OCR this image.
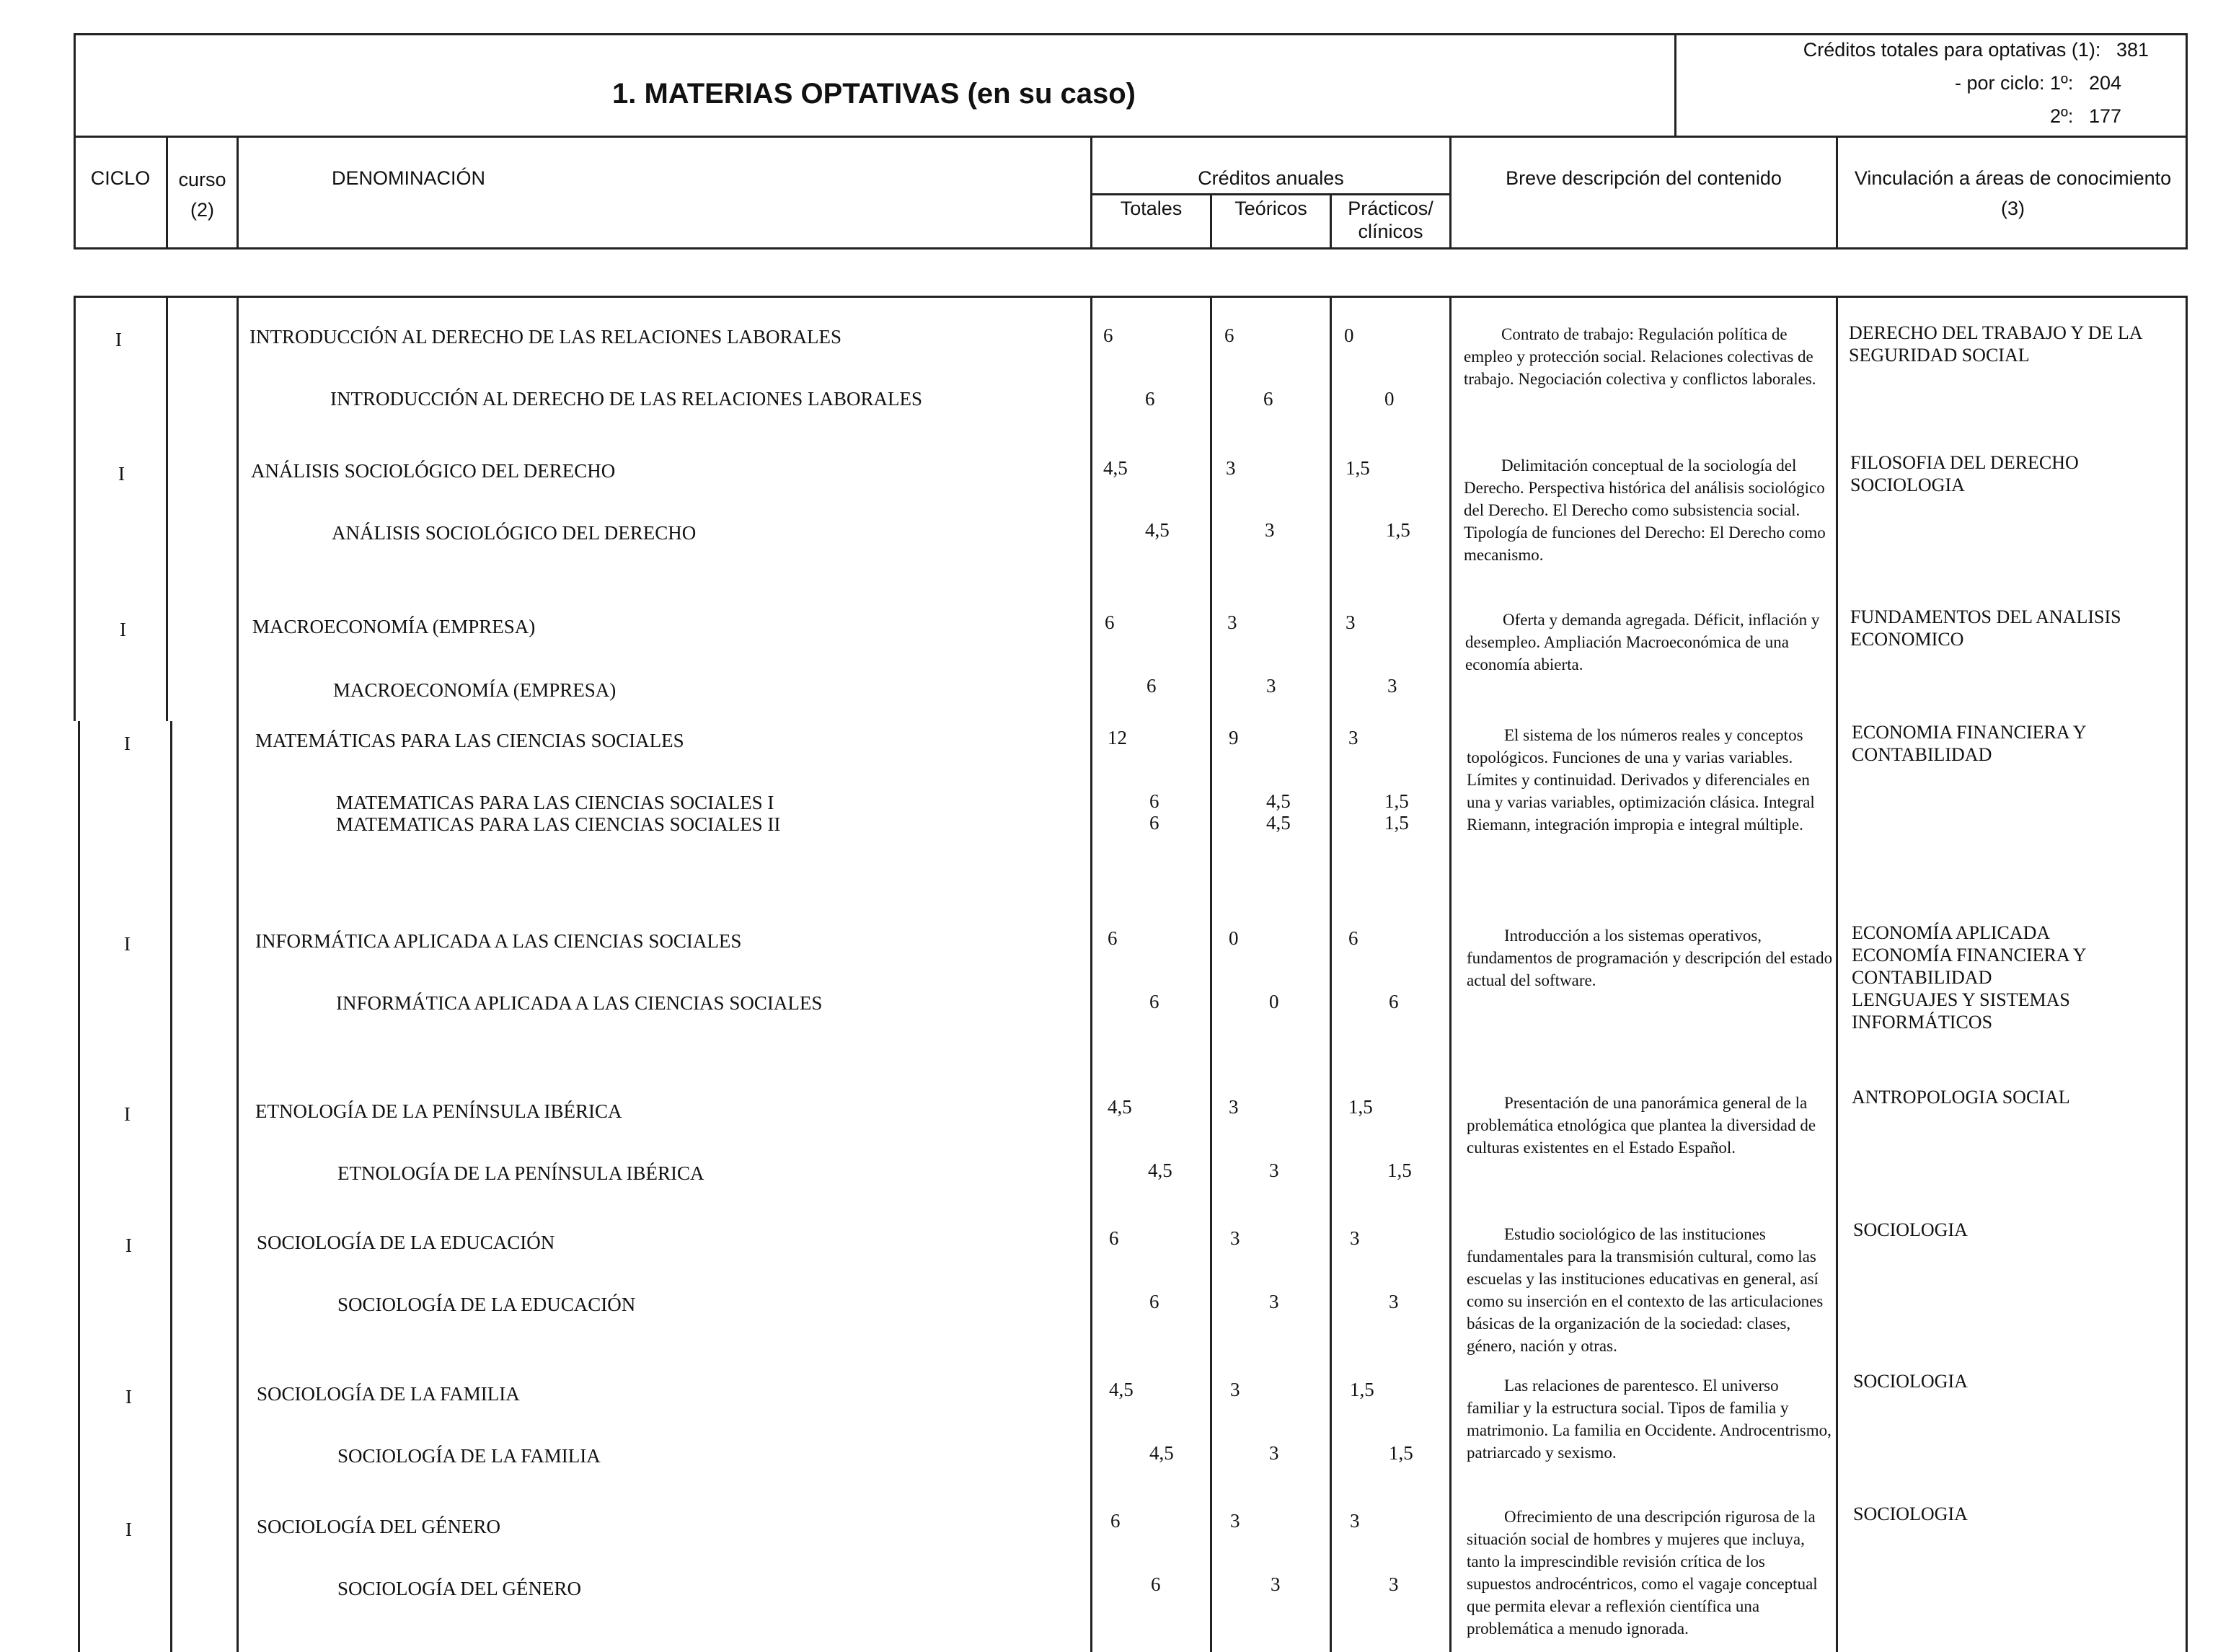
1. MATERIAS OPTATIVAS (en su caso)
Créditos totales para optativas (1): 381
- por ciclo: 1º: 204
2º: 177
CICLO	curso
(2)
DENOMINACIÓN	Créditos anuales
Totales	Teóricos	Prácticos/
clínicos
Breve descripción del contenido	Vinculación a áreas de conocimiento
(3)
I	INTRODUCCIÓN AL DERECHO DE LAS RELACIONES LABORALES	6	6	0
INTRODUCCIÓN AL DERECHO DE LAS RELACIONES LABORALES	6	6	0
Contrato de trabajo: Regulación política de empleo y protección social. Relaciones colectivas de trabajo. Negociación colectiva y conflictos laborales.
DERECHO DEL TRABAJO Y DE LA SEGURIDAD SOCIAL
I	ANÁLISIS SOCIOLÓGICO DEL DERECHO	4,5	3	1,5
ANÁLISIS SOCIOLÓGICO DEL DERECHO	4,5	3	1,5
Delimitación conceptual de la sociología del Derecho. Perspectiva histórica del análisis sociológico del Derecho. El Derecho como subsistencia social. Tipología de funciones del Derecho: El Derecho como mecanismo.
FILOSOFIA DEL DERECHO
SOCIOLOGIA
I	MACROECONOMÍA (EMPRESA)	6	3	3
MACROECONOMÍA (EMPRESA)	6	3	3
Oferta y demanda agregada. Déficit, inflación y desempleo. Ampliación Macroeconómica de una economía abierta.
FUNDAMENTOS DEL ANALISIS ECONOMICO
I	MATEMÁTICAS PARA LAS CIENCIAS SOCIALES	12	9	3
MATEMATICAS PARA LAS CIENCIAS SOCIALES I	6	4,5	1,5
MATEMATICAS PARA LAS CIENCIAS SOCIALES II	6	4,5	1,5
El sistema de los números reales y conceptos topológicos. Funciones de una y varias variables. Límites y continuidad. Derivados y diferenciales en una y varias variables, optimización clásica. Integral Riemann, integración impropia e integral múltiple.
ECONOMIA FINANCIERA Y CONTABILIDAD
I	INFORMÁTICA APLICADA A LAS CIENCIAS SOCIALES	6	0	6
INFORMÁTICA APLICADA A LAS CIENCIAS SOCIALES	6	0	6
Introducción a los sistemas operativos, fundamentos de programación y descripción del estado actual del software.
ECONOMÍA APLICADA
ECONOMÍA FINANCIERA Y CONTABILIDAD
LENGUAJES Y SISTEMAS INFORMÁTICOS
I	ETNOLOGÍA DE LA PENÍNSULA IBÉRICA	4,5	3	1,5
ETNOLOGÍA DE LA PENÍNSULA IBÉRICA	4,5	3	1,5
Presentación de una panorámica general de la problemática etnológica que plantea la diversidad de culturas existentes en el Estado Español.
ANTROPOLOGIA SOCIAL
I	SOCIOLOGÍA DE LA EDUCACIÓN	6	3	3
SOCIOLOGÍA DE LA EDUCACIÓN	6	3	3
Estudio sociológico de las instituciones fundamentales para la transmisión cultural, como las escuelas y las instituciones educativas en general, así como su inserción en el contexto de las articulaciones básicas de la organización de la sociedad: clases, género, nación y otras.
SOCIOLOGIA
I	SOCIOLOGÍA DE LA FAMILIA	4,5	3	1,5
SOCIOLOGÍA DE LA FAMILIA	4,5	3	1,5
Las relaciones de parentesco. El universo familiar y la estructura social. Tipos de familia y matrimonio. La familia en Occidente. Androcentrismo, patriarcado y sexismo.
SOCIOLOGIA
I	SOCIOLOGÍA DEL GÉNERO	6	3	3
SOCIOLOGÍA DEL GÉNERO	6	3	3
Ofrecimiento de una descripción rigurosa de la situación social de hombres y mujeres que incluya, tanto la imprescindible revisión crítica de los supuestos androcéntricos, como el vagaje conceptual que permita elevar a reflexión científica una problemática a menudo ignorada.
SOCIOLOGIA
